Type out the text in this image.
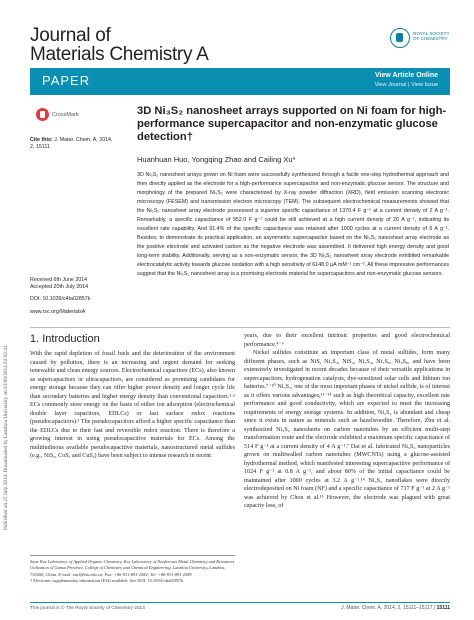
Published on 22 July 2014. Downloaded by Lanzhou University on 03/09/2014 02:02:41.
Journal of
Materials Chemistry A
ROYAL SOCIETY OF CHEMISTRY
PAPER	View Article Online
View Journal | View Issue
CrossMark
Cite this: J. Mater. Chem. A, 2014, 2, 15111
Received 6th June 2014
Accepted 20th July 2014
DOI: 10.1039/c4ta02857k
www.rsc.org/MaterialsA
3D Ni₃S₂ nanosheet arrays supported on Ni foam for high-performance supercapacitor and non-enzymatic glucose detection†
Huanhuan Huo, Yongqing Zhao and Cailing Xu*
3D Ni₃S₂ nanosheet arrays grown on Ni foam were successfully synthesized through a facile one-step hydrothermal approach and then directly applied as the electrode for a high-performance supercapacitor and non-enzymatic glucose sensor. The structure and morphology of the prepared Ni₃S₂ were characterized by X-ray powder diffraction (XRD), field emission scanning electronic microscopy (FESEM) and transmission electron microscopy (TEM). The subsequent electrochemical measurements showed that the Ni₃S₂ nanosheet array electrode possessed a superior specific capacitance of 1370.4 F g⁻¹ at a current density of 2 A g⁻¹. Remarkably, a specific capacitance of 952.0 F g⁻¹ could be still achieved at a high current density of 20 A g⁻¹, indicating its excellent rate capability. And 91.4% of the specific capacitance was retained after 1000 cycles at a current density of 6 A g⁻¹. Besides, to demonstrate its practical application, an asymmetric supercapacitor based on the Ni₃S₂ nanosheet array electrode as the positive electrode and activated carbon as the negative electrode was assembled. It delivered high energy density and good long-term stability. Additionally, serving as a non-enzymatic sensor, the 3D Ni₃S₂ nanosheet array electrode exhibited remarkable electrocatalytic activity towards glucose oxidation with a high sensitivity of 6148.0 μA mM⁻¹ cm⁻². All these impressive performances suggest that the Ni₃S₂ nanosheet array is a promising electrode material for supercapacitors and non-enzymatic glucose sensors.
1. Introduction

With the rapid depletion of fossil fuels and the deterioration of the environment caused by pollution, there is an increasing and urgent demand for seeking renewable and clean energy sources. Electrochemical capacitors (ECs), also known as supercapacitors or ultracapacitors, are considered as promising candidates for energy storage because they can offer higher power density and longer cycle life than secondary batteries and higher energy density than conventional capacitors.¹·² ECs commonly store energy on the basis of either ion adsorption (electrochemical double layer capacitors, EDLCs) or fast surface redox reactions (pseudocapacitors).³ The pseudocapacitors afford a higher specific capacitance than the EDLCs due to their fast and reversible redox reaction. There is therefore a growing interest in using pseudocapacitive materials for ECs. Among the multitudinous available pseudocapacitive materials, nanostructured metal sulfides (e.g., NiSₓ, CoSₓ and CuSₓ) have been subject to intense research in recent

years, due to their excellent intrinsic properties and good electrochemical performance.⁴⁻⁶

Nickel sulfides constitute an important class of metal sulfides, form many different phases, such as NiS, Ni₃S₂, NiS₂, Ni₃S₄, Ni₇S₆, Ni₉S₈, and have been extensively investigated in recent decades because of their versatile applications in supercapacitors, hydrogenation catalysts, dye-sensitized solar cells and lithium ion batteries.⁷⁻¹⁰ Ni₃S₂, one of the most important phases of nickel sulfide, is of interest as it offers various advantages,¹¹⁻¹⁴ such as high theoretical capacity, excellent rate performance and good conductivity, which are expected to meet the increasing requirements of energy storage systems. In addition, Ni₃S₂ is abundant and cheap since it exists in nature as minerals such as hazelwoodite. Therefore, Zhu et al. synthesized Ni₃S₂ nanosheets on carbon nanotubes by an efficient multi-step transformation route and the electrode exhibited a maximum specific capacitance of 514 F g⁻¹ at a current density of 4 A g⁻¹.⁷ Dai et al. fabricated Ni₃S₂ nanoparticles grown on multiwalled carbon nanotubes (MWCNTs) using a glucose-assisted hydrothermal method, which manifested interesting supercapacitive performance of 1024 F g⁻¹ at 0.8 A g⁻¹, and about 80% of the initial capacitance could be maintained after 1000 cycles at 3.2 A g⁻¹.¹⁴ Ni₃S₂ nanoflakes were directly electrodeposited on Ni foam (NF) and a specific capacitance of 717 F g⁻¹ at 2 A g⁻¹ was achieved by Chou et al.¹⁵ However, the electrode was plagued with great capacity loss, of

State Key Laboratory of Applied Organic Chemistry, Key Laboratory of Nonferrous Metal Chemistry and Resources Utilization of Gansu Province, College of Chemistry and Chemical Engineering, Lanzhou University, Lanzhou, 730000, China. E-mail: xucl@lzu.edu.cn; Fax: +86-931-891-2582; Tel: +86-931-891-2589

† Electronic supplementary information (ESI) available. See DOI: 10.1039/c4ta02857k

This journal is © The Royal Society of Chemistry 2014	J. Mater. Chem. A, 2014, 2, 15111–15117 | 15111
